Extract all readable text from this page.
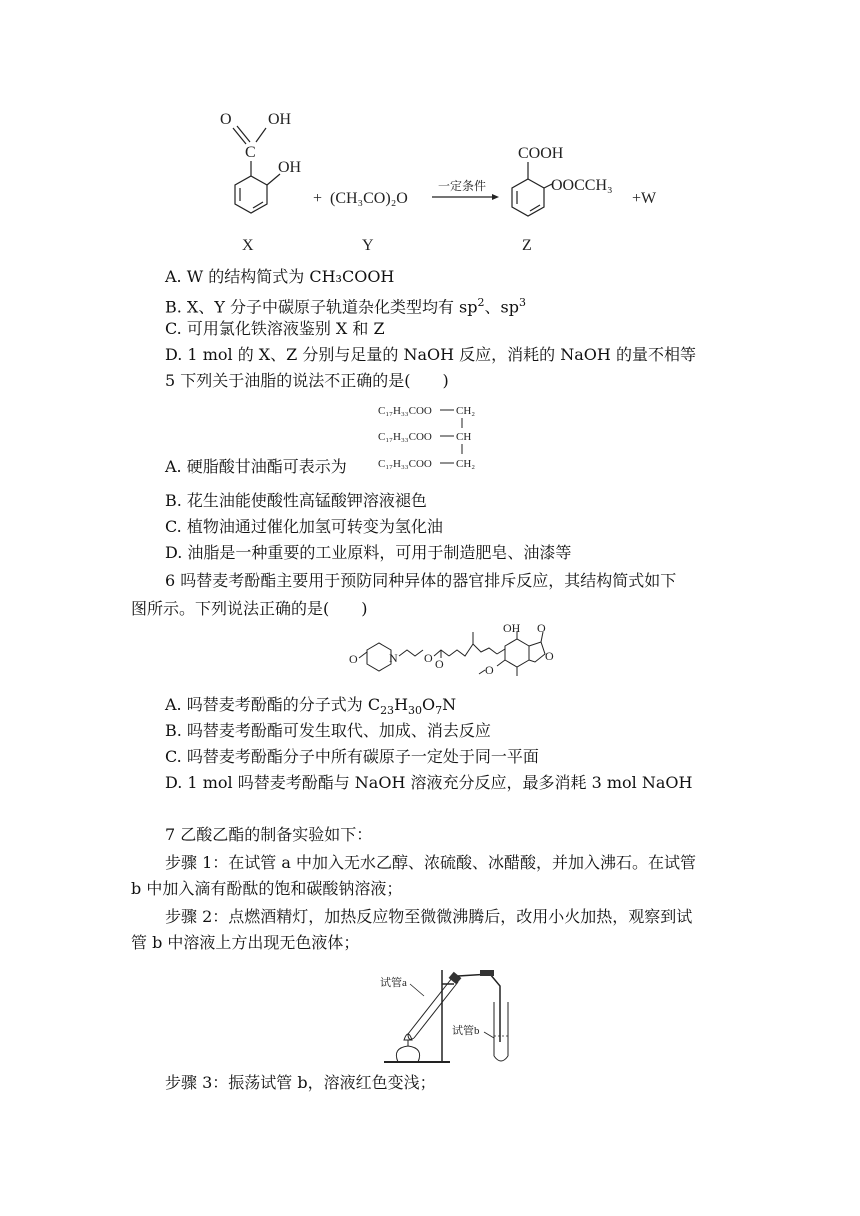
O OH
C
OH
+ (CH₃CO)₂O
一定条件
COOH
OOCCH₃
+W
X	Y	Z
A. W 的结构简式为 CH₃COOH
B. X、Y 分子中碳原子轨道杂化类型均有 $sp^2$、$sp^3$
C. 可用氯化铁溶液鉴别 X 和 Z
D. 1 mol 的 X、Z 分别与足量的 NaOH 反应，消耗的 NaOH 的量不相等
5 下列关于油脂的说法不正确的是(　　)
C₁₇H₃₃COO CH₂
C₁₇H₃₃COO CH
C₁₇H₃₃COO CH₂
A. 硬脂酸甘油酯可表示为
B. 花生油能使酸性高锰酸钾溶液褪色
C. 植物油通过催化加氢可转变为氢化油
D. 油脂是一种重要的工业原料，可用于制造肥皂、油漆等
6 吗替麦考酚酯主要用于预防同种异体的器官排斥反应，其结构简式如下
图所示。下列说法正确的是(　　)
O	N O O
OH
O
O
O
A. 吗替麦考酚酯的分子式为 $C_{23}H_{30}O_7N$
B. 吗替麦考酚酯可发生取代、加成、消去反应
C. 吗替麦考酚酯分子中所有碳原子一定处于同一平面
D. 1 mol 吗替麦考酚酯与 NaOH 溶液充分反应，最多消耗 3 mol NaOH
7 乙酸乙酯的制备实验如下：
步骤 1：在试管 a 中加入无水乙醇、浓硫酸、冰醋酸，并加入沸石。在试管
b 中加入滴有酚酞的饱和碳酸钠溶液；
步骤 2：点燃酒精灯，加热反应物至微微沸腾后，改用小火加热，观察到试
管 b 中溶液上方出现无色液体；
试管a
试管b
步骤 3：振荡试管 b，溶液红色变浅；
